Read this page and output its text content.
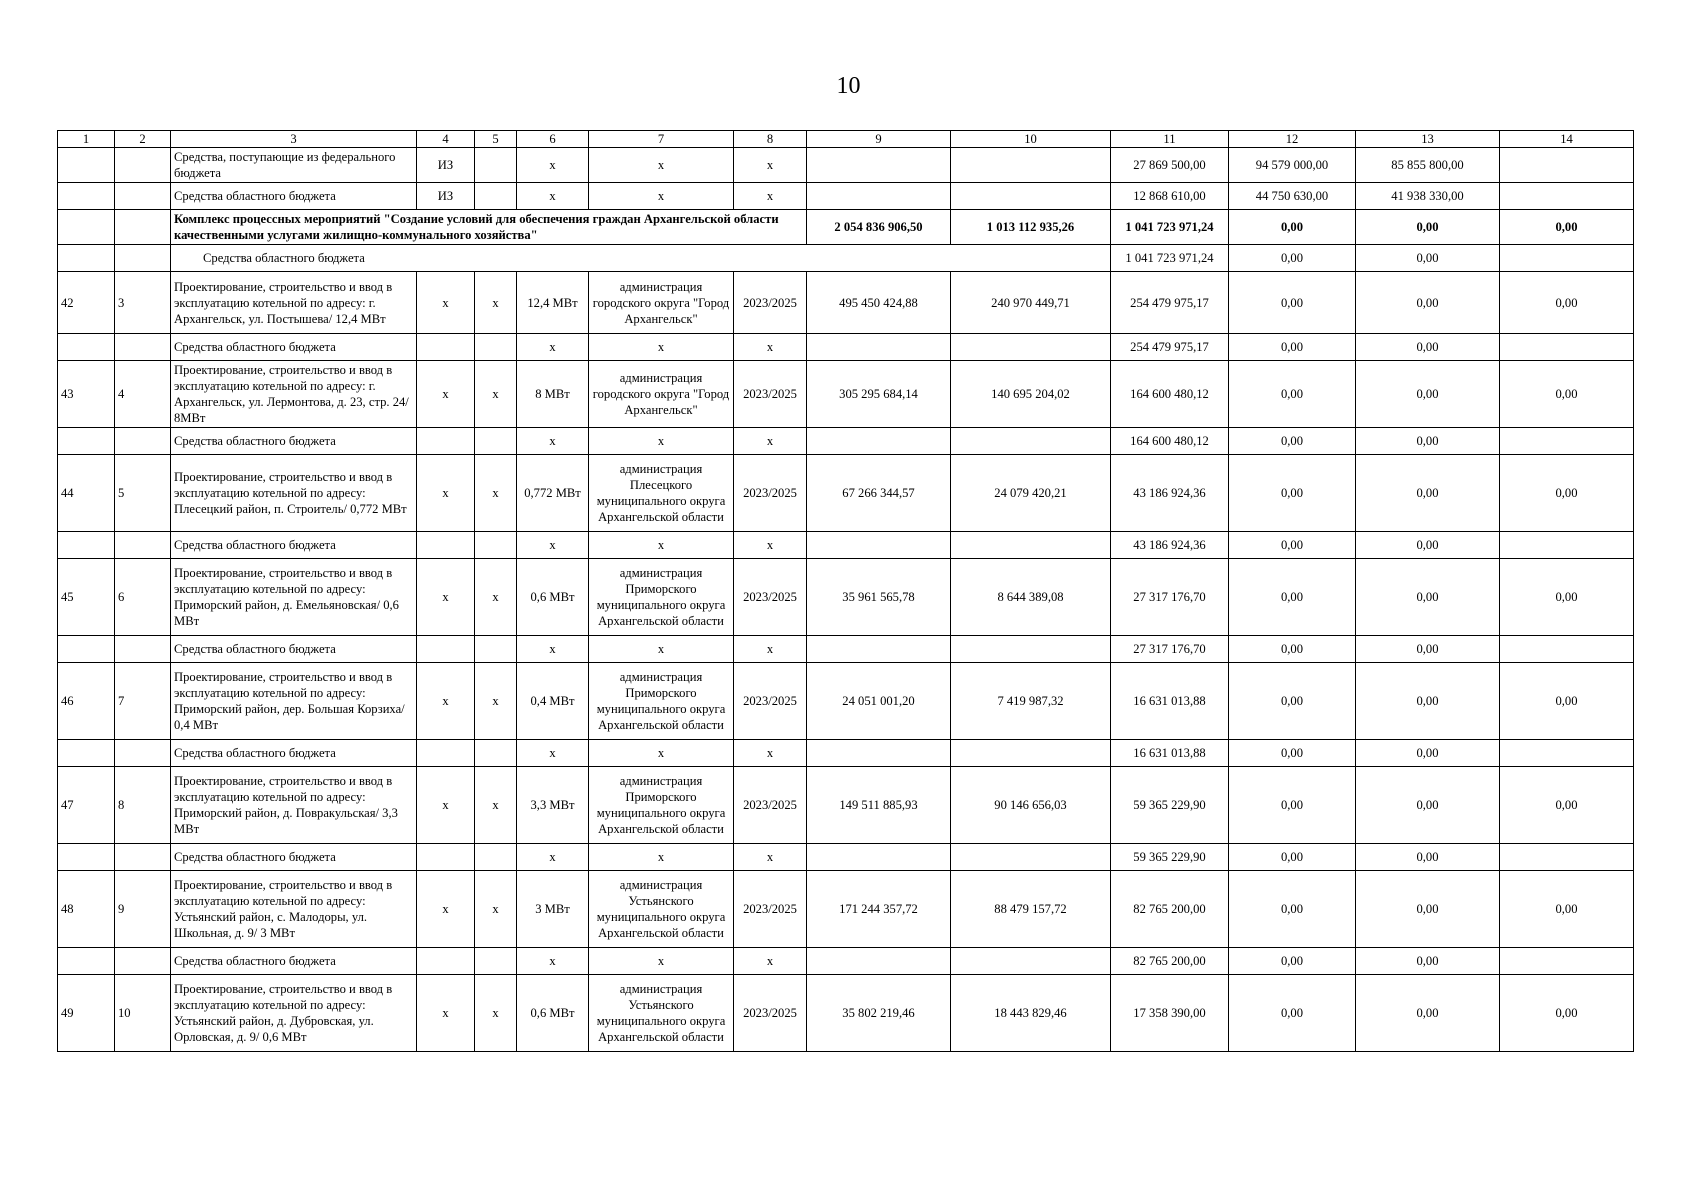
10
1	2	3	4	5	6	7	8	9	10	11	12	13	14
		Средства, поступающие из федерального бюджета	ИЗ		х	х	х			27 869 500,00	94 579 000,00	85 855 800,00	
		Средства областного бюджета	ИЗ		х	х	х			12 868 610,00	44 750 630,00	41 938 330,00	
		Комплекс процессных мероприятий "Создание условий для обеспечения граждан Архангельской области качественными услугами жилищно-коммунального хозяйства"						2 054 836 906,50	1 013 112 935,26	1 041 723 971,24	0,00	0,00	0,00
		Средства областного бюджета								1 041 723 971,24	0,00	0,00	
42	3	Проектирование, строительство и ввод в эксплуатацию котельной по адресу: г. Архангельск, ул. Постышева/ 12,4 МВт	х	х	12,4 МВт	администрация городского округа "Город Архангельск"	2023/2025	495 450 424,88	240 970 449,71	254 479 975,17	0,00	0,00	0,00
		Средства областного бюджета			х	х	х			254 479 975,17	0,00	0,00	
43	4	Проектирование, строительство и ввод в эксплуатацию котельной по адресу: г. Архангельск, ул. Лермонтова, д. 23, стр. 24/ 8МВт	х	х	8 МВт	администрация городского округа "Город Архангельск"	2023/2025	305 295 684,14	140 695 204,02	164 600 480,12	0,00	0,00	0,00
		Средства областного бюджета			х	х	х			164 600 480,12	0,00	0,00	
44	5	Проектирование, строительство и ввод в эксплуатацию котельной по адресу: Плесецкий район, п. Строитель/ 0,772 МВт	х	х	0,772 МВт	администрация Плесецкого муниципального округа Архангельской области	2023/2025	67 266 344,57	24 079 420,21	43 186 924,36	0,00	0,00	0,00
		Средства областного бюджета			х	х	х			43 186 924,36	0,00	0,00	
45	6	Проектирование, строительство и ввод в эксплуатацию котельной по адресу: Приморский район, д. Емельяновская/ 0,6 МВт	х	х	0,6 МВт	администрация Приморского муниципального округа Архангельской области	2023/2025	35 961 565,78	8 644 389,08	27 317 176,70	0,00	0,00	0,00
		Средства областного бюджета			х	х	х			27 317 176,70	0,00	0,00	
46	7	Проектирование, строительство и ввод в эксплуатацию котельной по адресу: Приморский район, дер. Большая Корзиха/ 0,4 МВт	х	х	0,4 МВт	администрация Приморского муниципального округа Архангельской области	2023/2025	24 051 001,20	7 419 987,32	16 631 013,88	0,00	0,00	0,00
		Средства областного бюджета			х	х	х			16 631 013,88	0,00	0,00	
47	8	Проектирование, строительство и ввод в эксплуатацию котельной по адресу: Приморский район, д. Повракульская/ 3,3 МВт	х	х	3,3 МВт	администрация Приморского муниципального округа Архангельской области	2023/2025	149 511 885,93	90 146 656,03	59 365 229,90	0,00	0,00	0,00
		Средства областного бюджета			х	х	х			59 365 229,90	0,00	0,00	
48	9	Проектирование, строительство и ввод в эксплуатацию котельной по адресу: Устьянский район, с. Малодоры, ул. Школьная, д. 9/ 3 МВт	х	х	3 МВт	администрация Устьянского муниципального округа Архангельской области	2023/2025	171 244 357,72	88 479 157,72	82 765 200,00	0,00	0,00	0,00
		Средства областного бюджета			х	х	х			82 765 200,00	0,00	0,00	
49	10	Проектирование, строительство и ввод в эксплуатацию котельной по адресу: Устьянский район, д. Дубровская, ул. Орловская, д. 9/ 0,6 МВт	х	х	0,6 МВт	администрация Устьянского муниципального округа Архангельской области	2023/2025	35 802 219,46	18 443 829,46	17 358 390,00	0,00	0,00	0,00
